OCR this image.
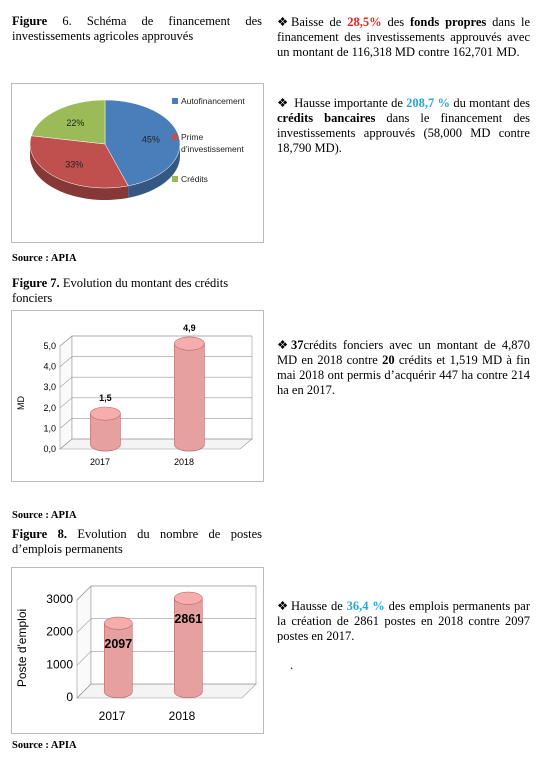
Figure 6. Schéma de financement des investissements agricoles approuvés
45%
33%
22%
Autofinancement
Prime
d’investissement
Crédits
Source : APIA
Figure 7. Evolution du montant des crédits fonciers
0,0
1,0
2,0
3,0
4,0
5,0
MD	1,5
2017
4,9
2018
Source : APIA
Figure 8. Evolution du nombre de postes d’emplois permanents
0
1000
2000
3000
Poste d'emploi	2097
2017
2861
2018
Source : APIA
❖ Baisse de 28,5% des fonds propres dans le financement des investissements approuvés avec un montant de 116,318 MD contre 162,701 MD.
❖ Hausse importante de 208,7 % du montant des crédits bancaires dans le financement des investissements approuvés (58,000 MD contre 18,790 MD).
❖ 37crédits fonciers avec un montant de 4,870 MD en 2018 contre 20 crédits et 1,519 MD à fin mai 2018 ont permis d’acquérir 447 ha contre 214 ha en 2017.
❖ Hausse de 36,4 % des emplois permanents par la création de 2861 postes en 2018 contre 2097 postes en 2017.
.
